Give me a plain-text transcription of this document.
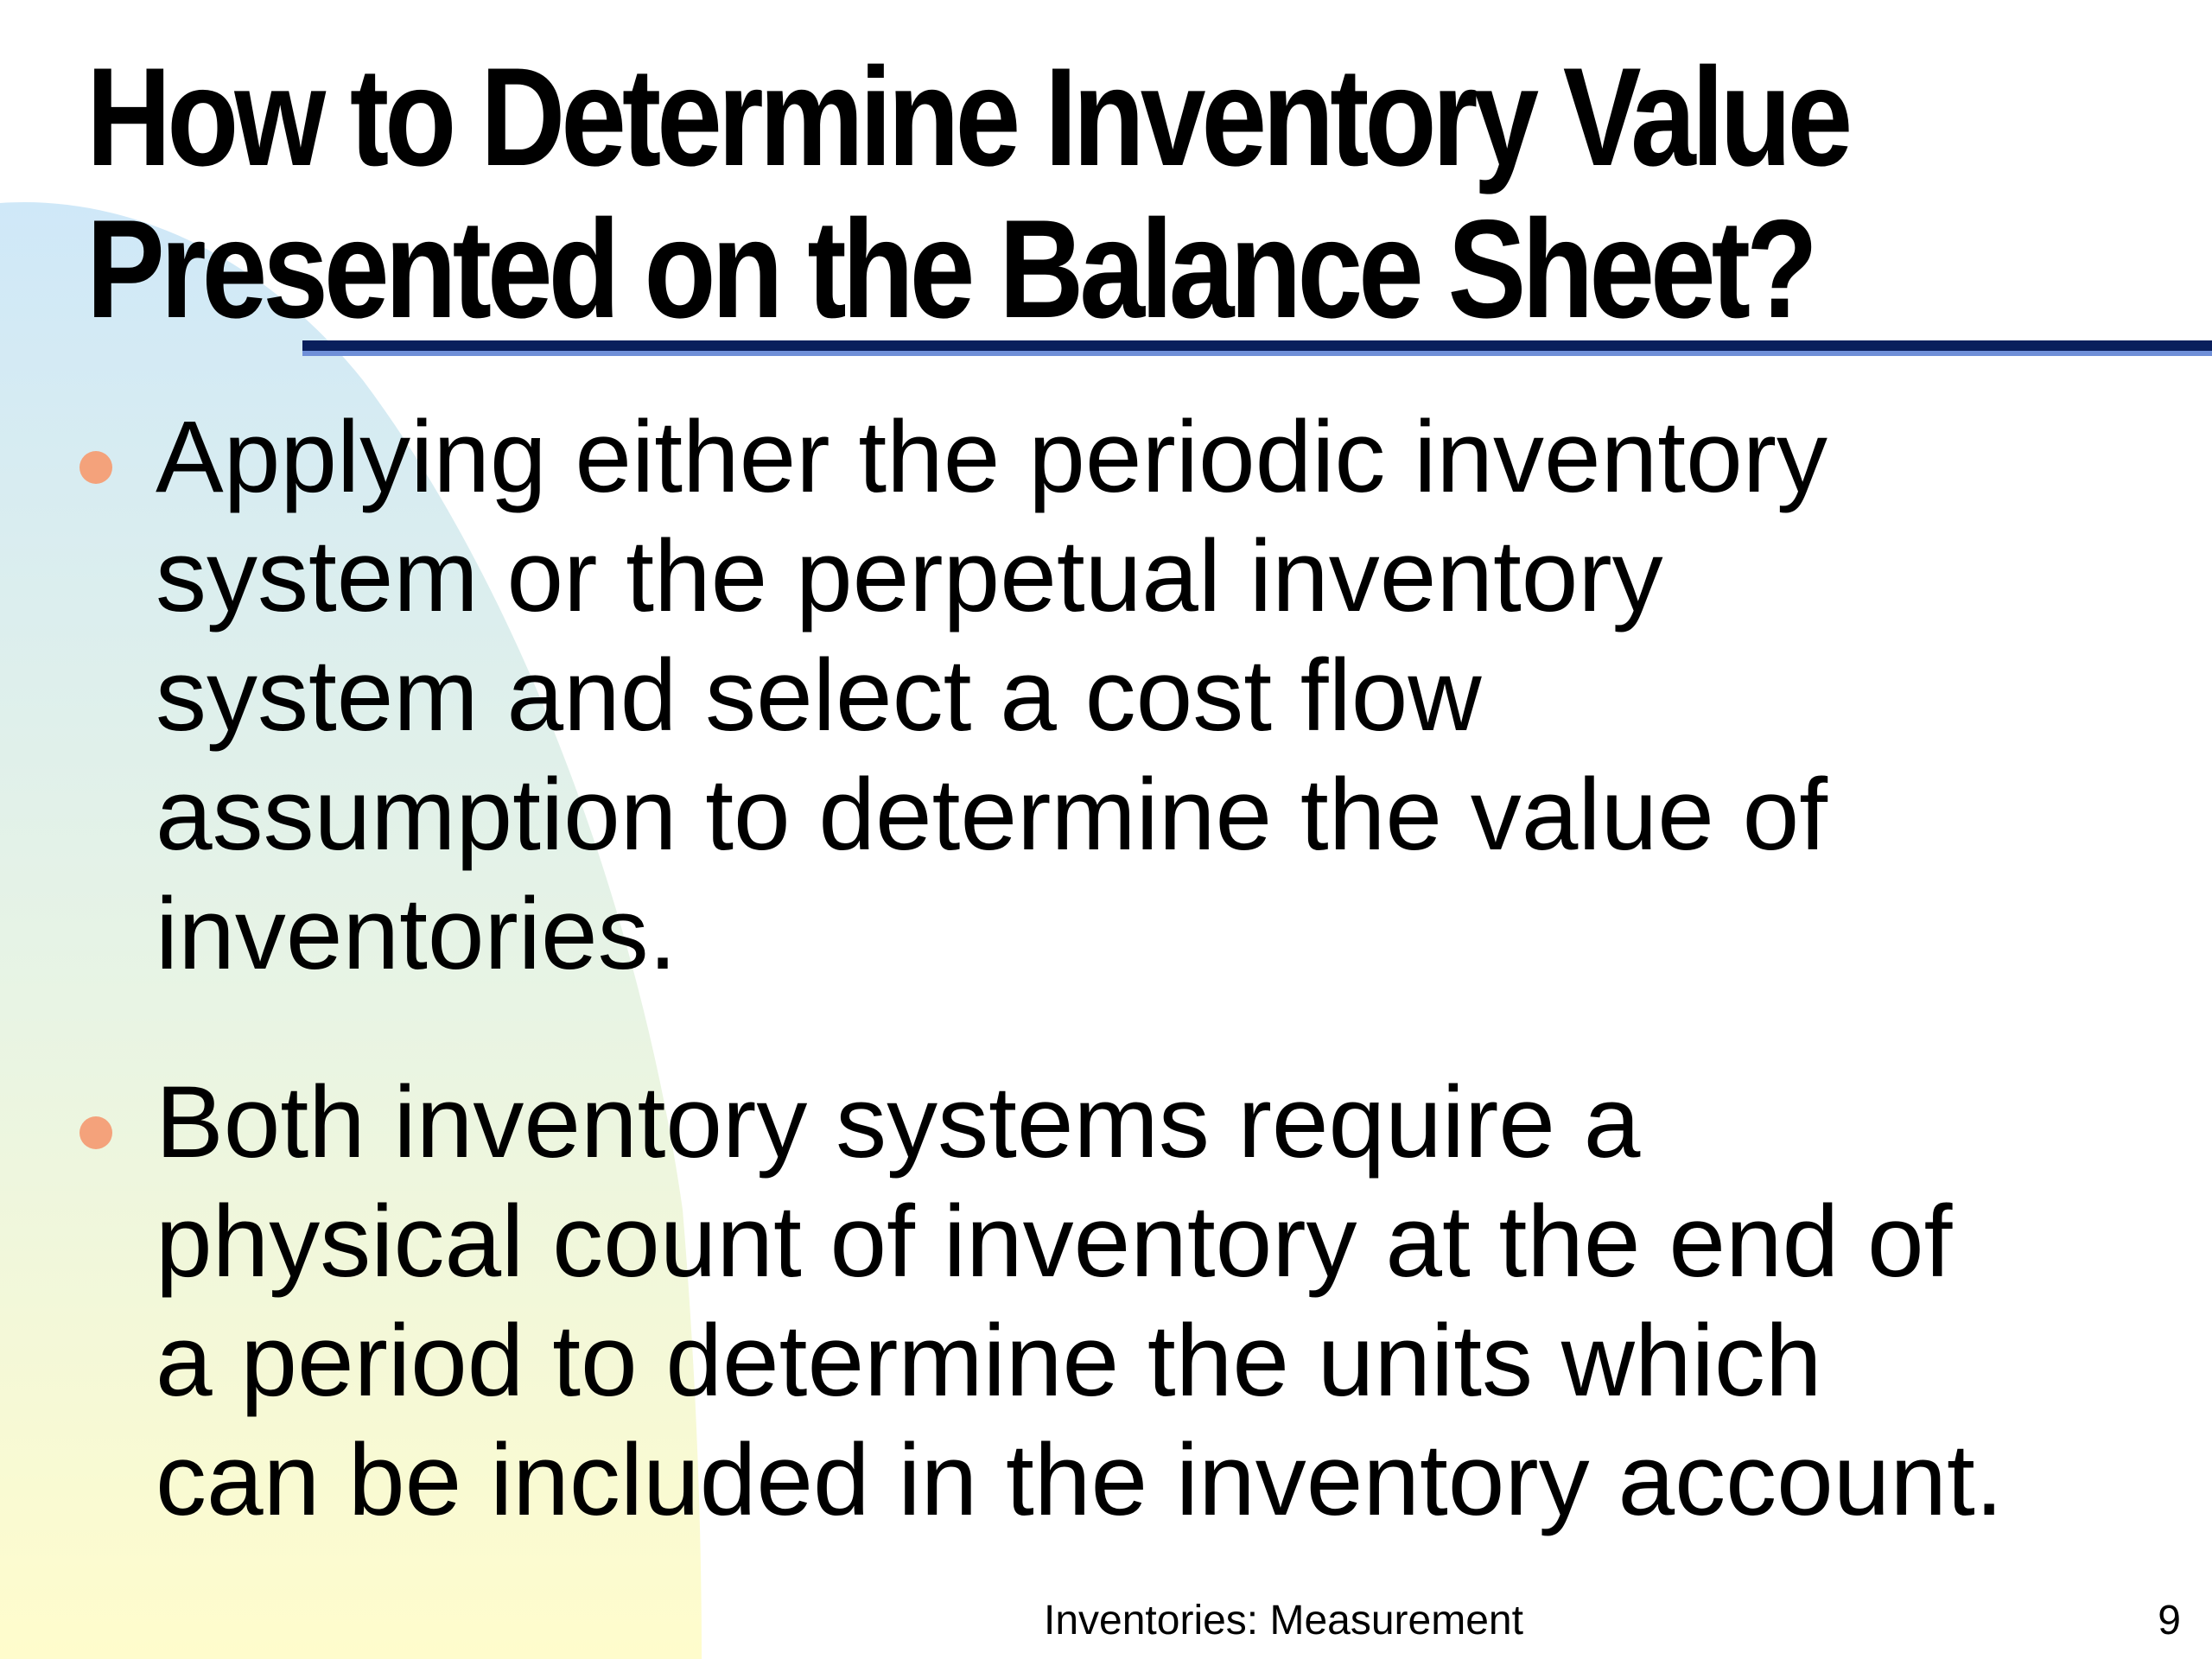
How to Determine Inventory Value
Presented on the Balance Sheet?
Applying either the periodic inventory
system or the perpetual inventory
system and select a cost flow
assumption to determine the value of
inventories.
Both inventory systems require a
physical count of inventory at the end of
a period to determine the units which
can be included in the inventory account.
Inventories: Measurement	9
